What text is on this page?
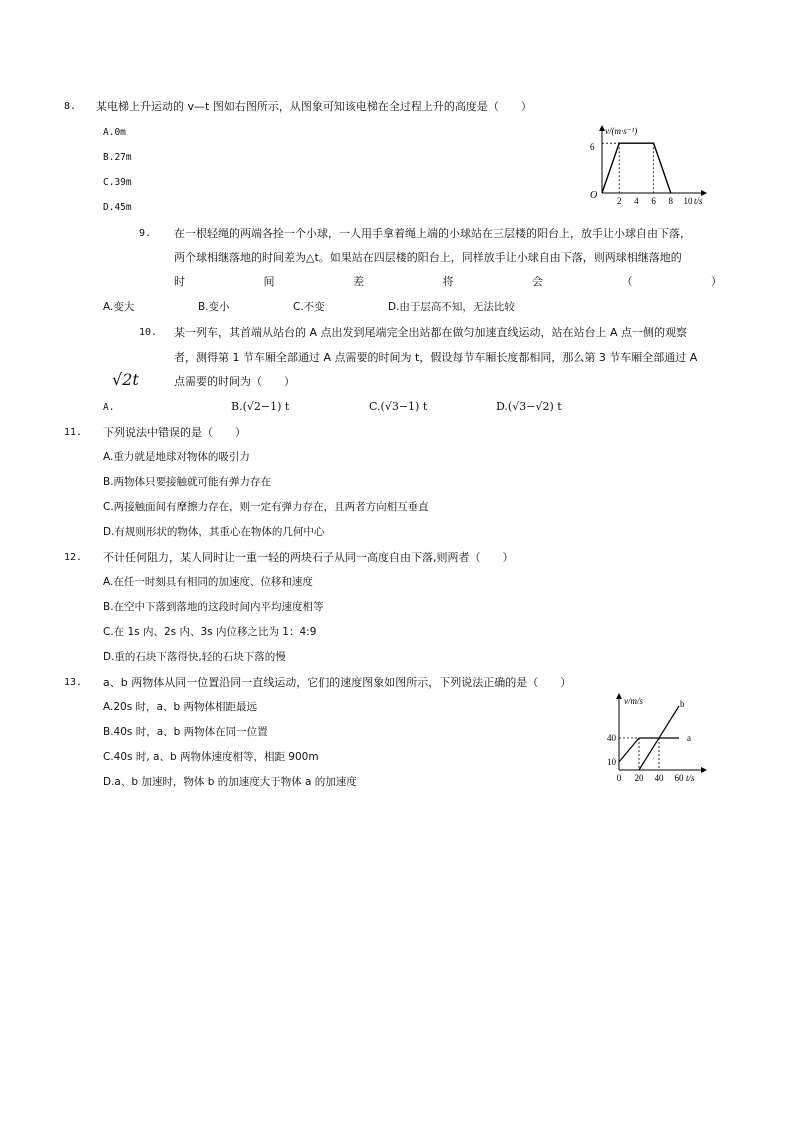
8. 某电梯上升运动的 v—t 图如右图所示，从图象可知该电梯在全过程上升的高度是（　　）
A.0m
B.27m
C.39m
D.45m
v/(m·s⁻¹)
6
O	t/s
2 4 6 8 10
9. 在一根轻绳的两端各拴一个小球，一人用手拿着绳上端的小球站在三层楼的阳台上，放手让小球自由下落，
两个球相继落地的时间差为△t。如果站在四层楼的阳台上，同样放手让小球自由下落，则两球相继落地的
时	间	差	将	会	（	）
A.变大	B.变小	C.不变	D.由于层高不知，无法比较
10. 某一列车，其首端从站台的 A 点出发到尾端完全出站都在做匀加速直线运动，站在站台上 A 点一侧的观察
者，测得第 1 节车厢全部通过 A 点需要的时间为 t，假设每节车厢长度都相同，那么第 3 节车厢全部通过 A
√2t	点需要的时间为（　　）
A.	B.(√2−1) t	C.(√3−1) t	D.(√3−√2) t
11. 下列说法中错误的是（　　）
A.重力就是地球对物体的吸引力
B.两物体只要接触就可能有弹力存在
C.两接触面间有摩擦力存在，则一定有弹力存在，且两者方向相互垂直
D.有规则形状的物体，其重心在物体的几何中心
12. 不计任何阻力，某人同时让一重一轻的两块石子从同一高度自由下落,则两者（　　）
A.在任一时刻具有相同的加速度、位移和速度
B.在空中下落到落地的这段时间内平均速度相等
C.在 1s 内、2s 内、3s 内位移之比为 1：4:9
D.重的石块下落得快,轻的石块下落的慢
13. a、b 两物体从同一位置沿同一直线运动，它们的速度图象如图所示，下列说法正确的是（　　）
A.20s 时，a、b 两物体相距最远
B.40s 时，a、b 两物体在同一位置
C.40s 时, a、b 两物体速度相等，相距 900m
D.a、b 加速时，物体 b 的加速度大于物体 a 的加速度
v/m/s
t/s
a
b
0 20 40 60
40
10
